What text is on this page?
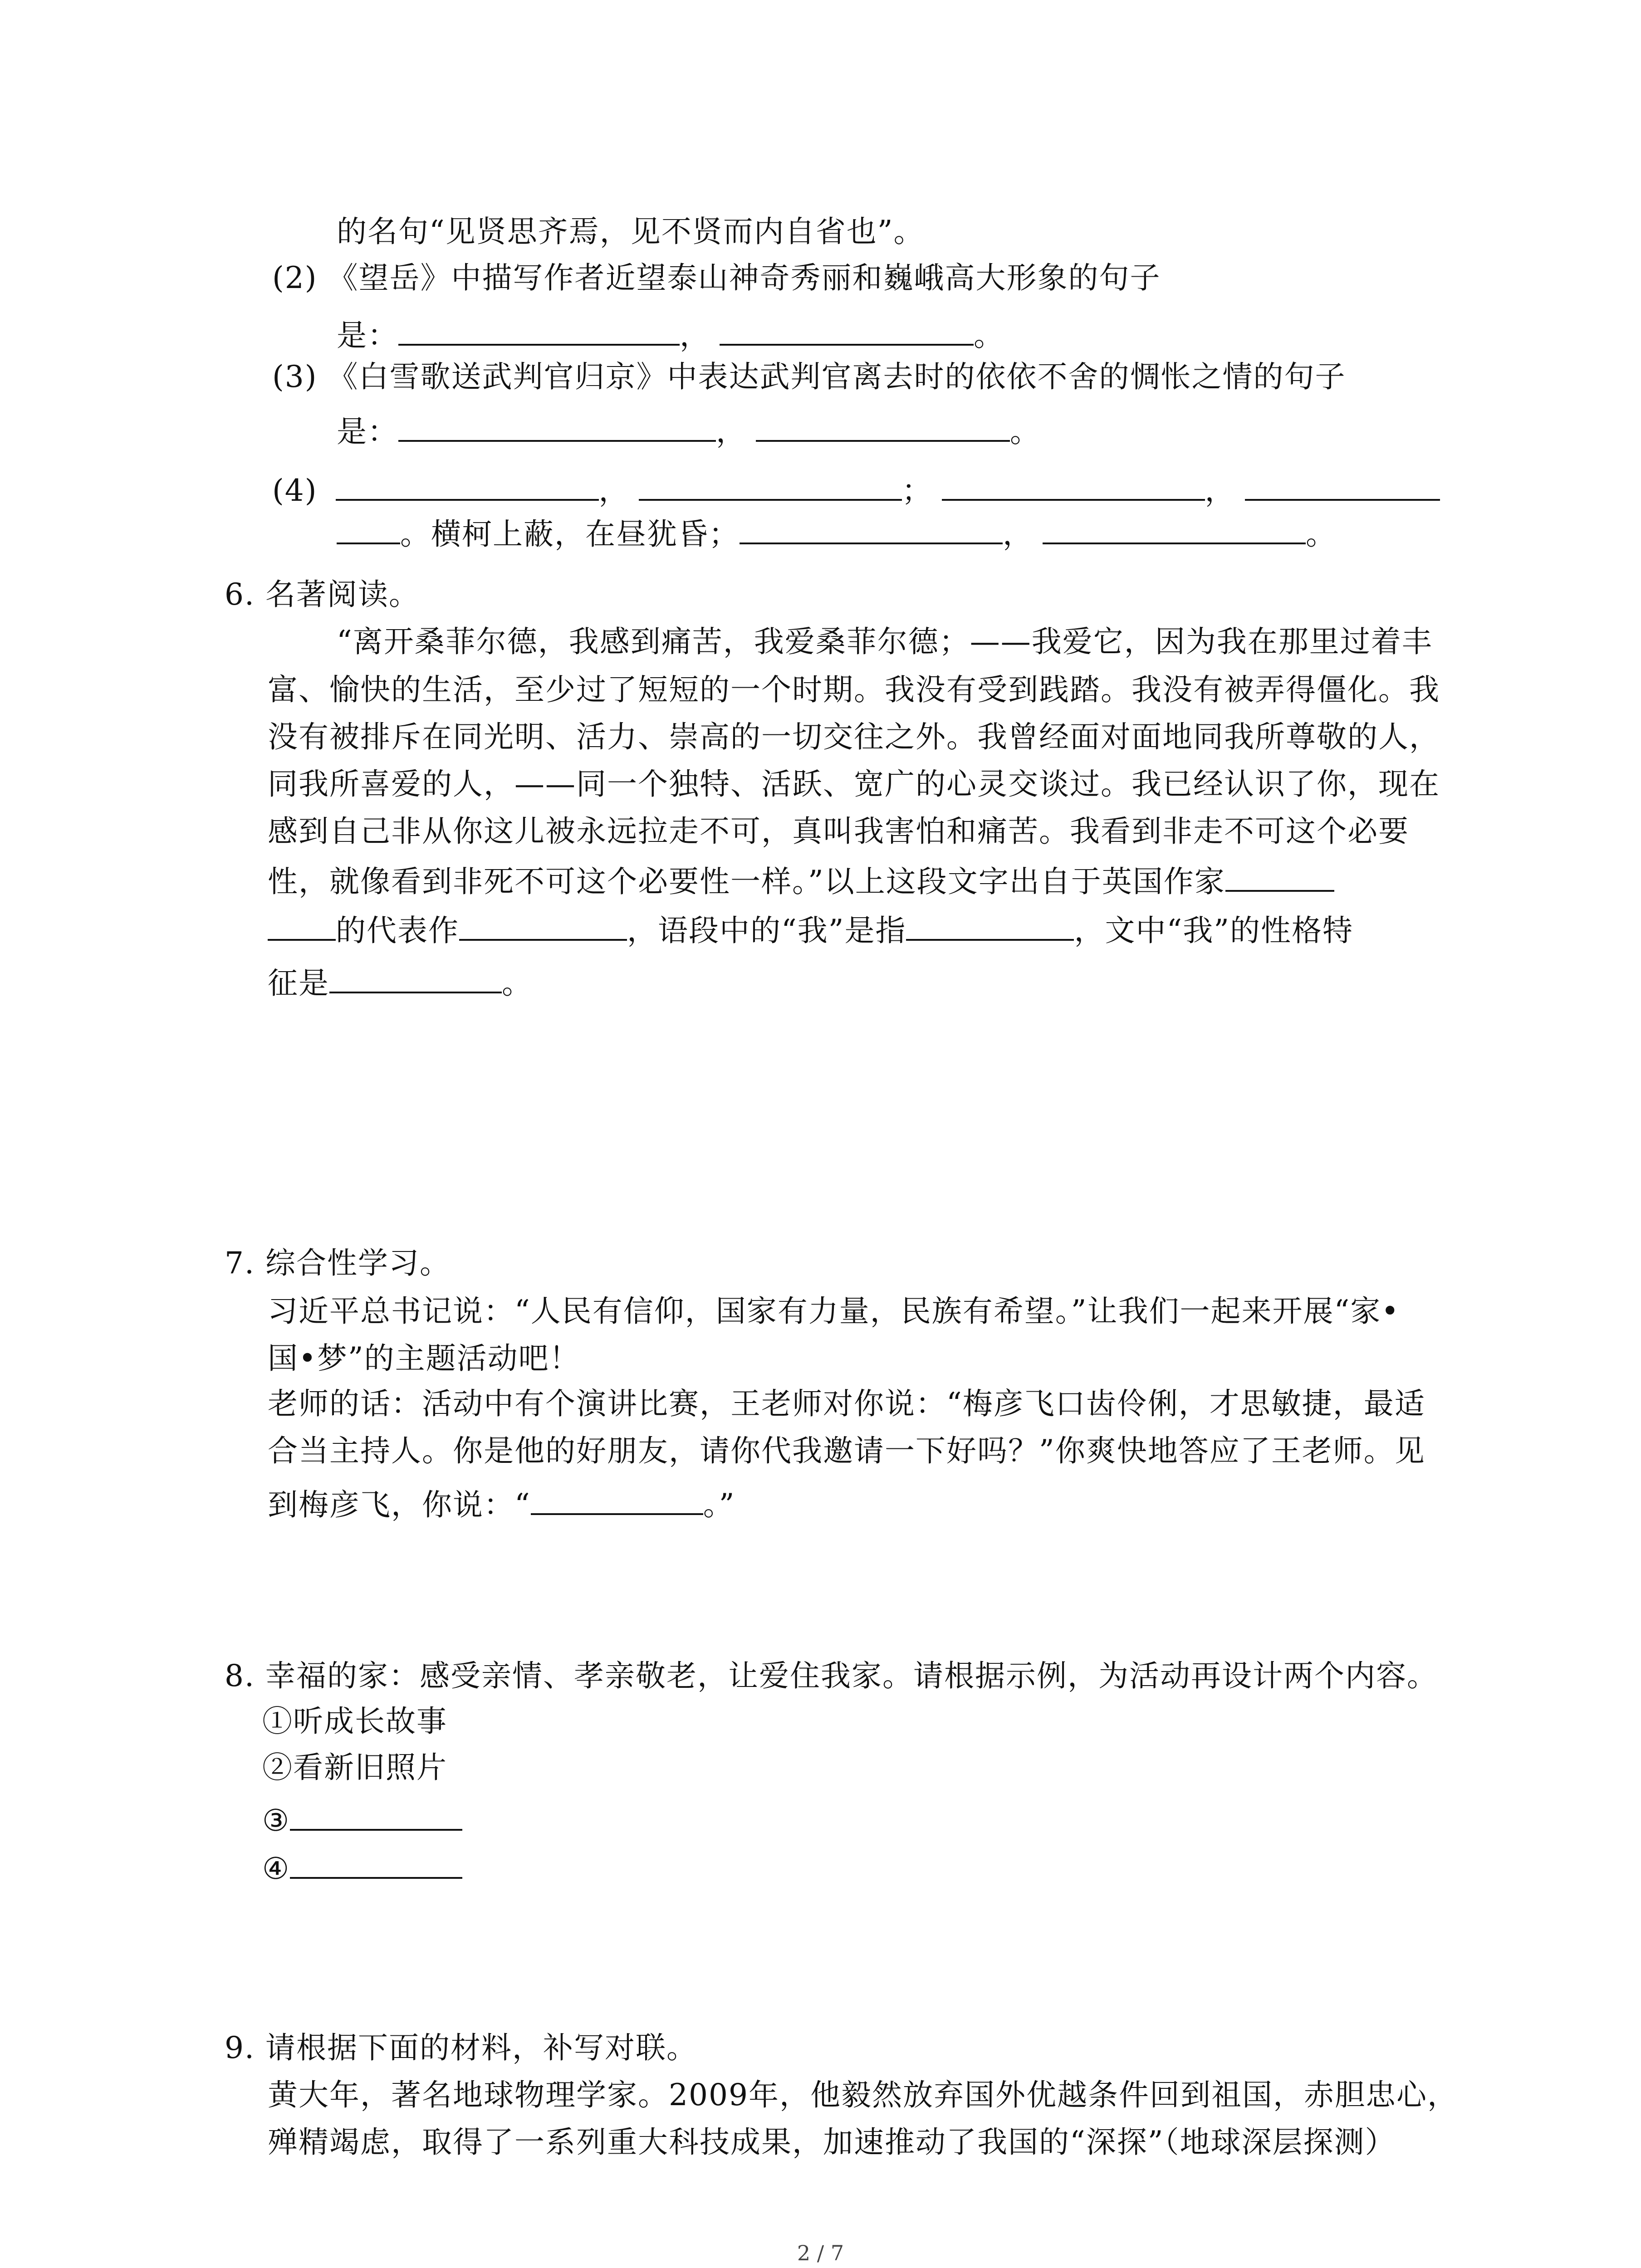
的名句“见贤思齐焉，见不贤而内自省也”。
(2) 《望岳》中描写作者近望泰山神奇秀丽和巍峨高大形象的句子
是：	，	。
(3) 《白雪歌送武判官归京》中表达武判官离去时的依依不舍的惆怅之情的句子
是：	，	。
(4)	，	；	，
。横柯上蔽，在昼犹昏；	，	。
6. 名著阅读。
“离开桑菲尔德，我感到痛苦，我爱桑菲尔德；——我爱它，因为我在那里过着丰
富、愉快的生活，至少过了短短的一个时期。我没有受到践踏。我没有被弄得僵化。我
没有被排斥在同光明、活力、崇高的一切交往之外。我曾经面对面地同我所尊敬的人，
同我所喜爱的人，——同一个独特、活跃、宽广的心灵交谈过。我已经认识了你，现在
感到自己非从你这儿被永远拉走不可，真叫我害怕和痛苦。我看到非走不可这个必要
性，就像看到非死不可这个必要性一样。”以上这段文字出自于英国作家
的代表作	，语段中的“我”是指	，文中“我”的性格特
征是	。
7. 综合性学习。
习近平总书记说：“人民有信仰，国家有力量，民族有希望。”让我们一起来开展“家•
国•梦”的主题活动吧！
老师的话：活动中有个演讲比赛，王老师对你说：“梅彦飞口齿伶俐，才思敏捷，最适
合当主持人。你是他的好朋友，请你代我邀请一下好吗？”你爽快地答应了王老师。见
到梅彦飞，你说：“	。”
8. 幸福的家：感受亲情、孝亲敬老，让爱住我家。请根据示例，为活动再设计两个内容。
①听成长故事
②看新旧照片
③
④
9. 请根据下面的材料，补写对联。
黄大年，著名地球物理学家。2009年，他毅然放弃国外优越条件回到祖国，赤胆忠心，
殚精竭虑，取得了一系列重大科技成果，加速推动了我国的“深探”（地球深层探测）
2 / 7
